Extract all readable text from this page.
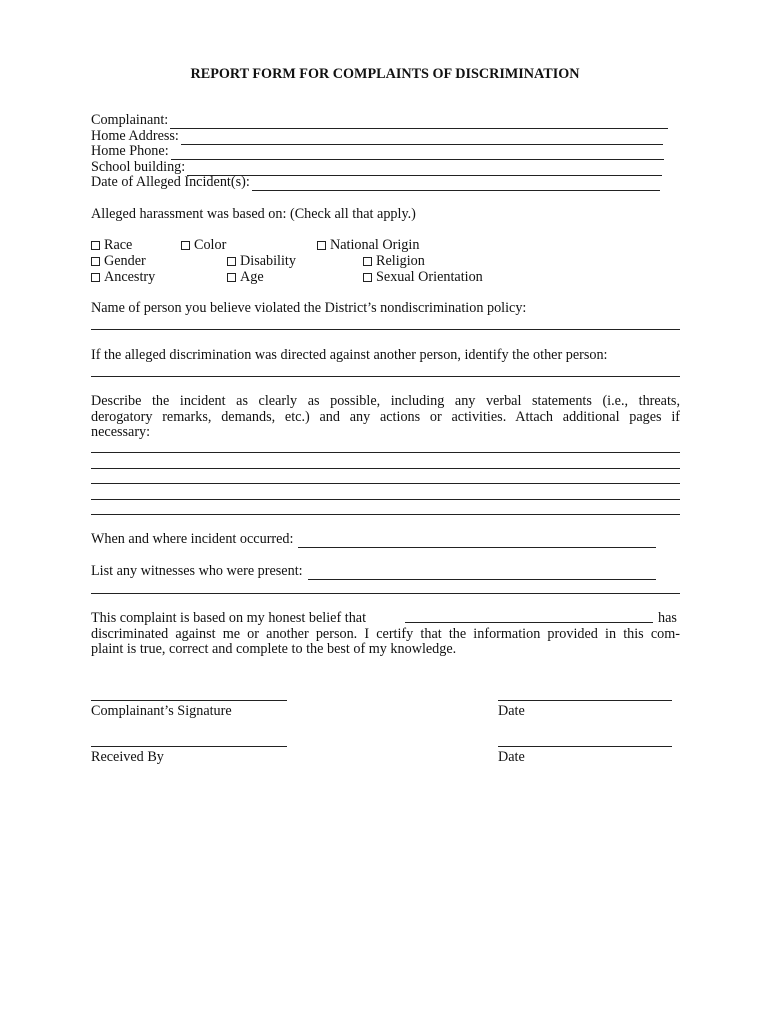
REPORT FORM FOR COMPLAINTS OF DISCRIMINATION
Complainant:
Home Address:
Home Phone:
School building:
Date of Alleged Incident(s):
Alleged harassment was based on: (Check all that apply.)
Race	Color	National Origin
Gender	Disability	Religion
Ancestry	Age	Sexual Orientation
Name of person you believe violated the District’s nondiscrimination policy:
If the alleged discrimination was directed against another person, identify the other person:
Describe the incident as clearly as possible, including any verbal statements (i.e., threats,
derogatory remarks, demands, etc.) and any actions or activities. Attach additional pages if
necessary:
When and where incident occurred:
List any witnesses who were present:
This complaint is based on my honest belief that	has
discriminated against me or another person. I certify that the information provided in this com-
plaint is true, correct and complete to the best of my knowledge.
Complainant’s Signature	Date
Received By	Date
